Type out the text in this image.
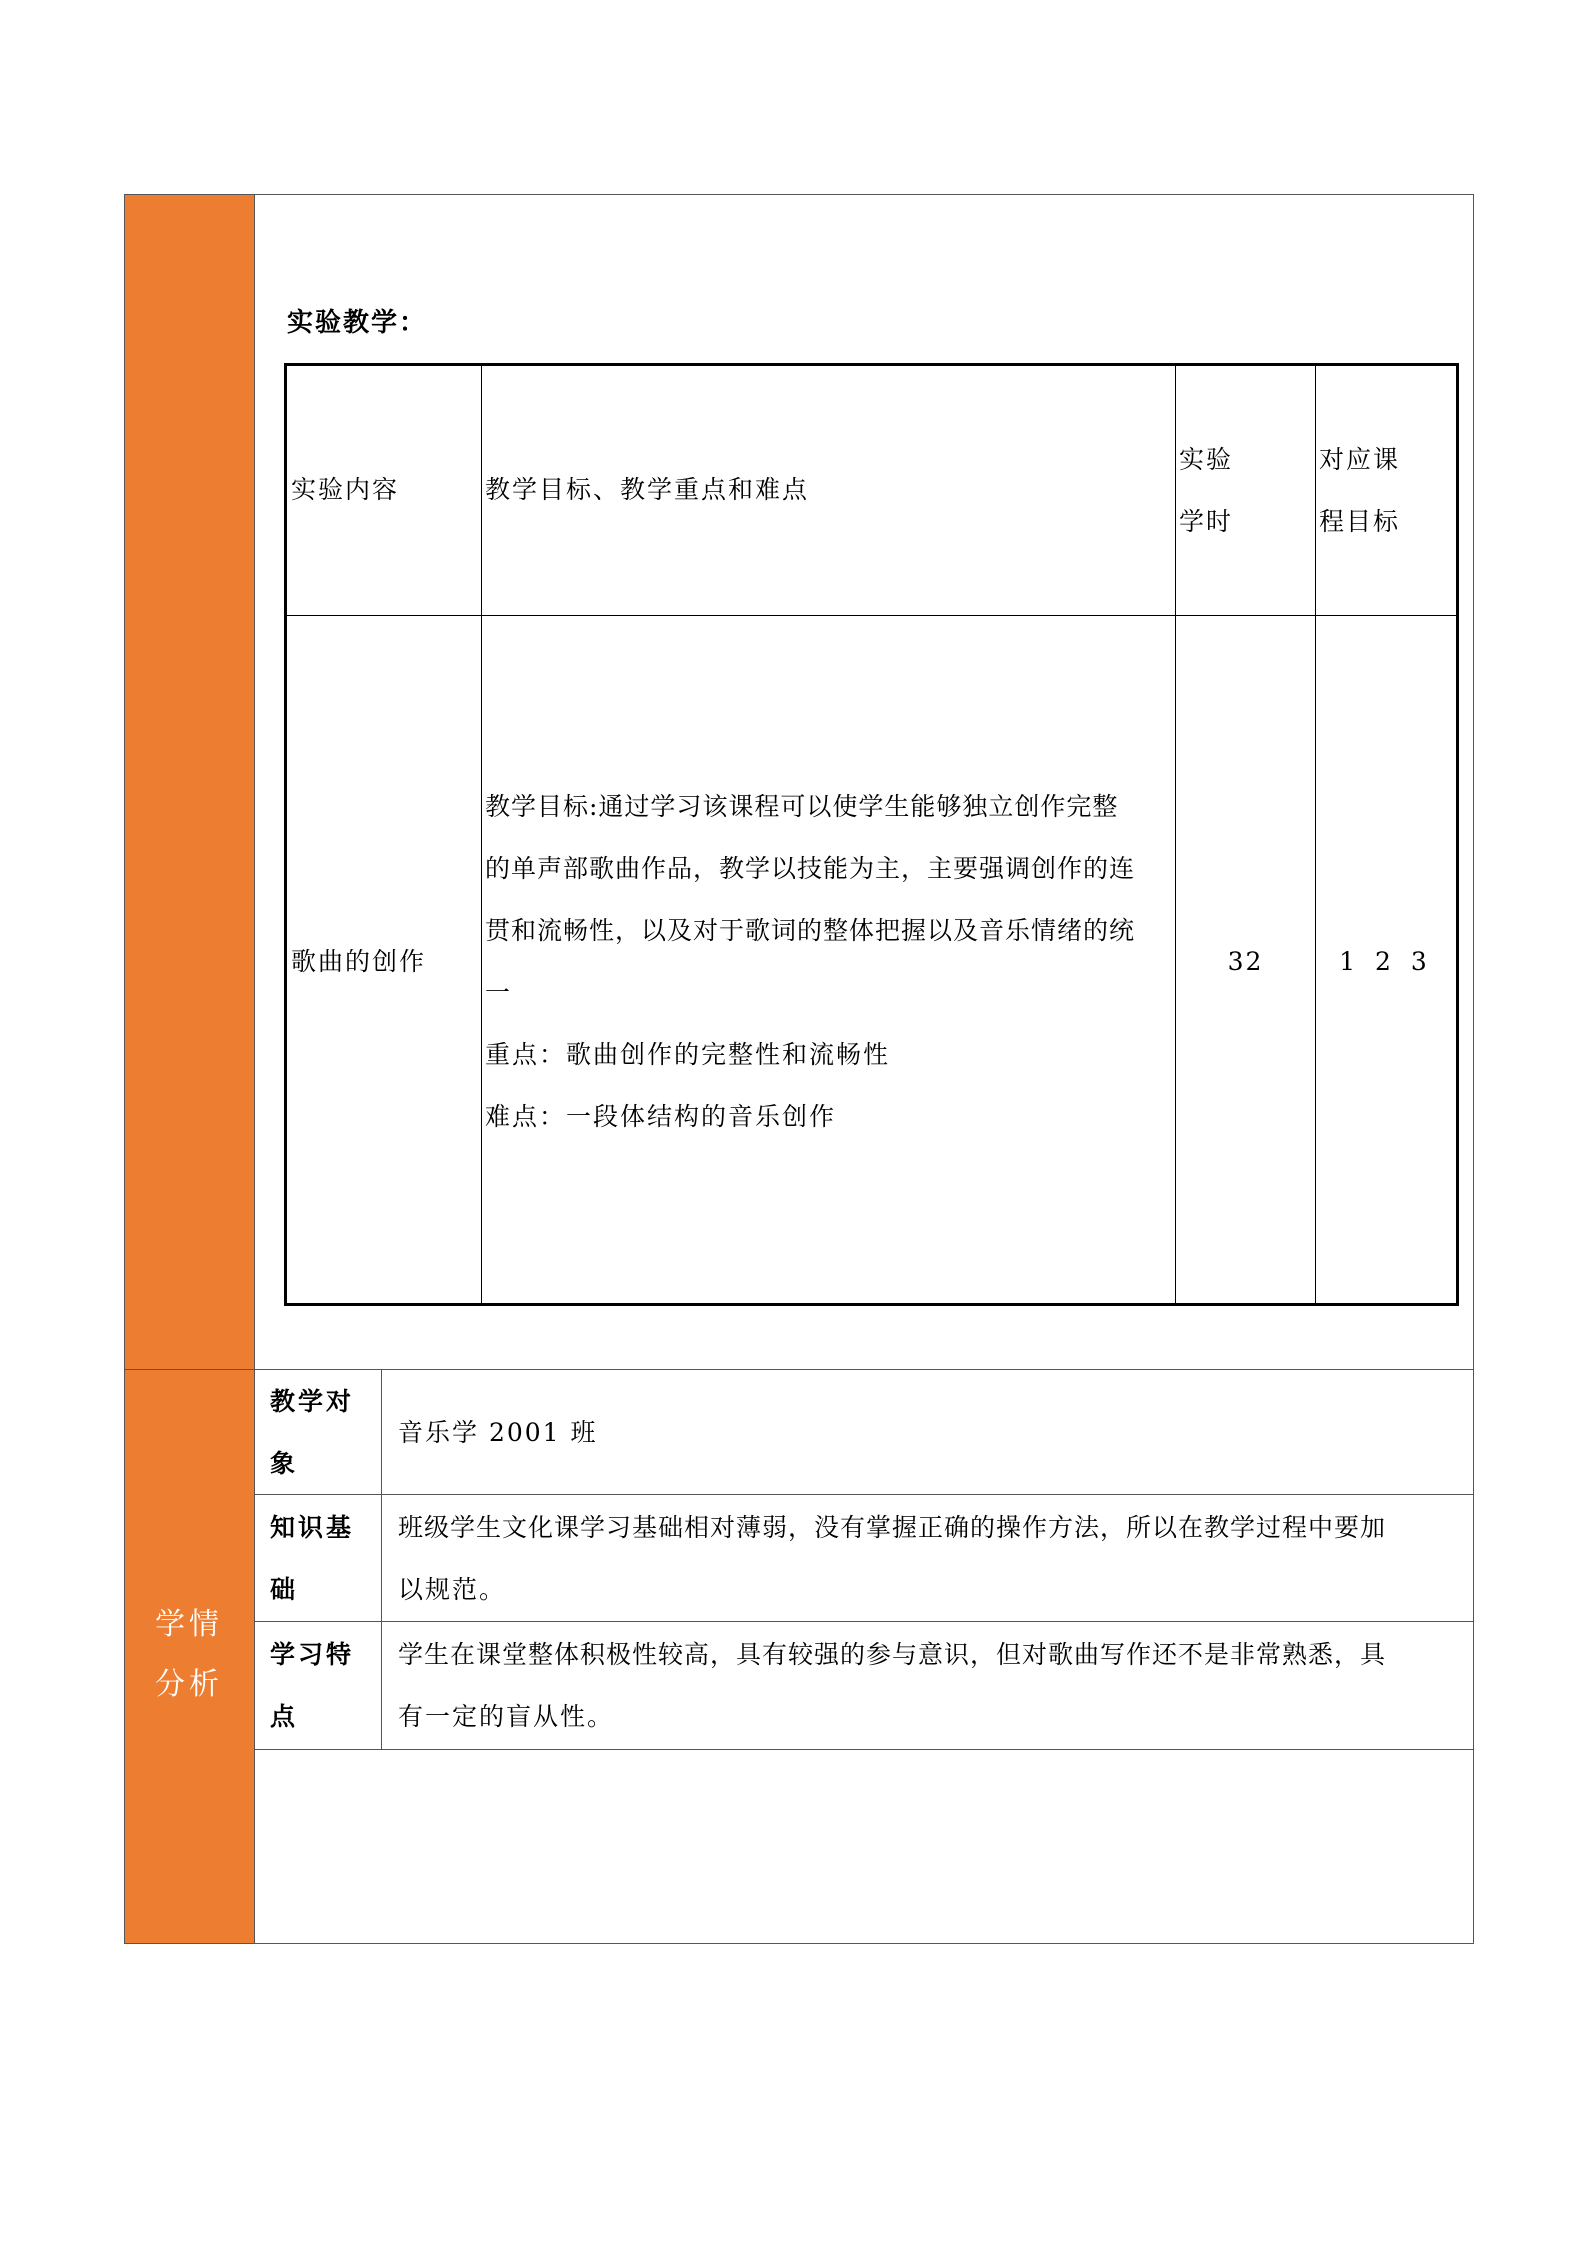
实验教学：
实验内容	教学目标、教学重点和难点
实验
学时
对应课
程目标
歌曲的创作
教学目标:通过学习该课程可以使学生能够独立创作完整
的单声部歌曲作品，教学以技能为主，主要强调创作的连
贯和流畅性，以及对于歌词的整体把握以及音乐情绪的统
一
重点：歌曲创作的完整性和流畅性
难点：一段体结构的音乐创作
32	1 2 3
学情
分析
教学对
象
音乐学 2001 班
知识基
础
班级学生文化课学习基础相对薄弱，没有掌握正确的操作方法，所以在教学过程中要加
以规范。
学习特
点
学生在课堂整体积极性较高，具有较强的参与意识，但对歌曲写作还不是非常熟悉，具
有一定的盲从性。
